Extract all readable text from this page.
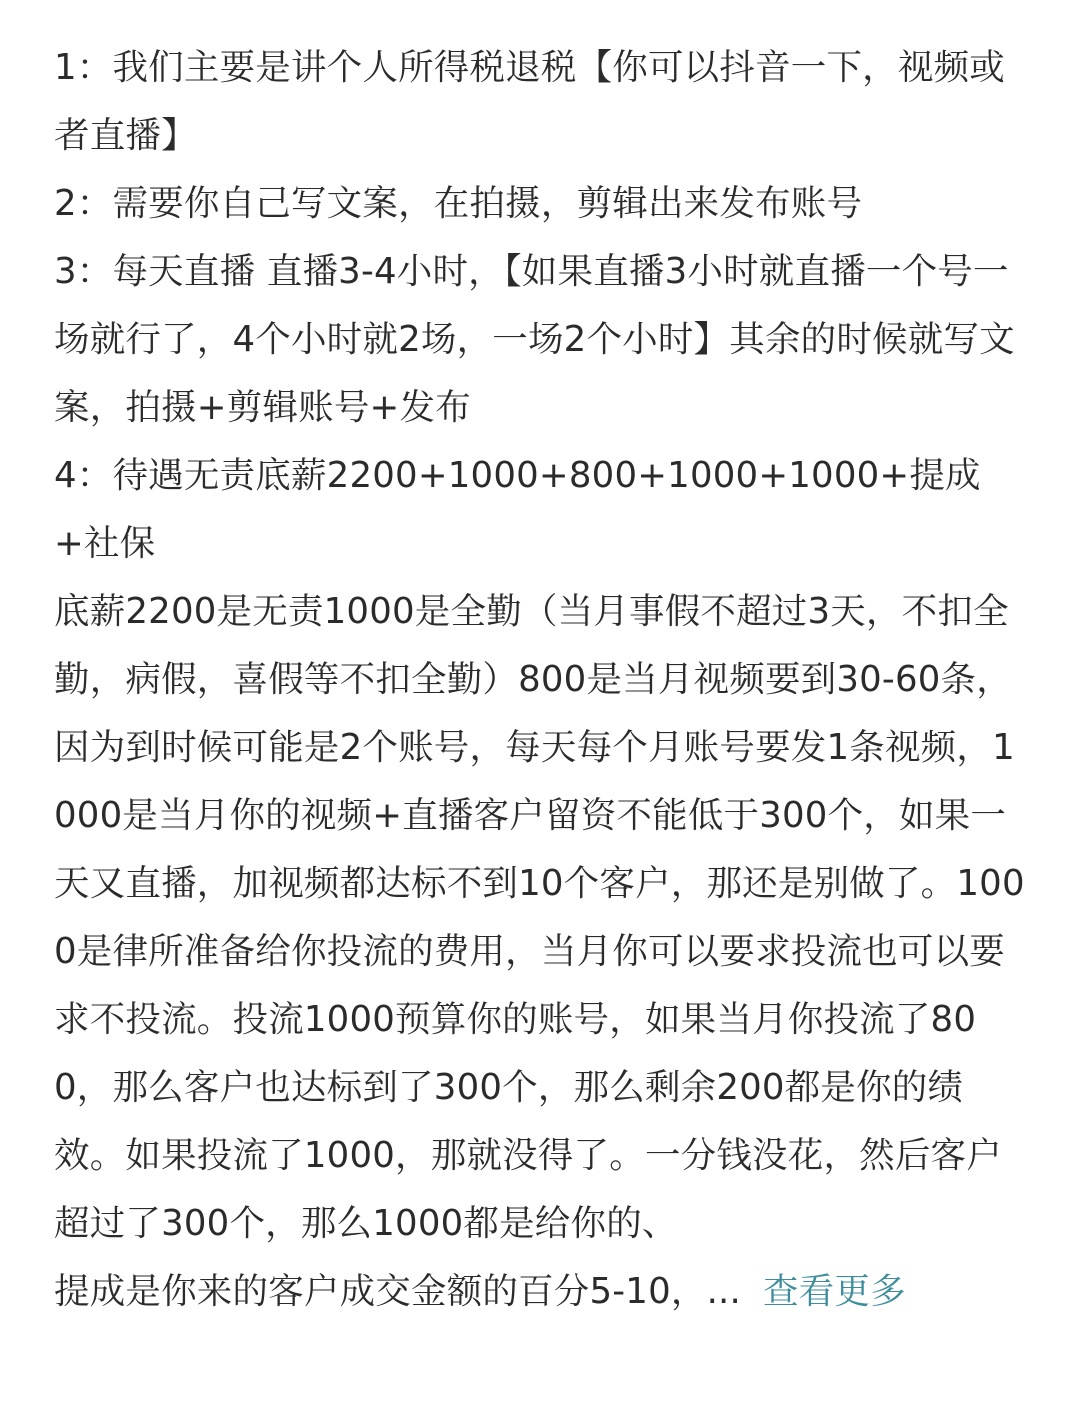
1：我们主要是讲个人所得税退税【你可以抖音一下，视频或者直播】

2：需要你自己写文案，在拍摄，剪辑出来发布账号

3：每天直播 直播3-4小时，【如果直播3小时就直播一个号一场就行了，4个小时就2场，一场2个小时】其余的时候就写文案，拍摄+剪辑账号+发布

4：待遇无责底薪2200+1000+800+1000+1000+提成+社保

底薪2200是无责1000是全勤（当月事假不超过3天，不扣全勤，病假，喜假等不扣全勤）800是当月视频要到30-60条，因为到时候可能是2个账号，每天每个月账号要发1条视频，1000是当月你的视频+直播客户留资不能低于300个，如果一天又直播，加视频都达标不到10个客户，那还是别做了。1000是律所准备给你投流的费用，当月你可以要求投流也可以要求不投流。投流1000预算你的账号，如果当月你投流了800，那么客户也达标到了300个，那么剩余200都是你的绩效。如果投流了1000，那就没得了。一分钱没花，然后客户超过了300个，那么1000都是给你的、

提成是你来的客户成交金额的百分5-10，... 查看更多
